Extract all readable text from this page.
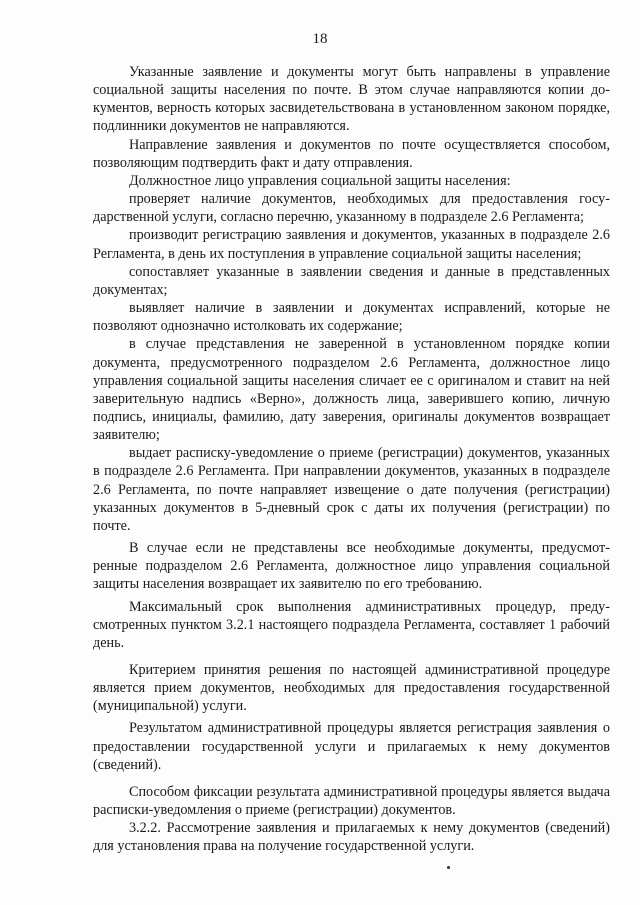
18

Указанные заявление и документы могут быть направлены в управление социальной защиты населения по почте. В этом случае направляются копии документов, верность которых засвидетельствована в установленном законом порядке, подлинники документов не направляются.

Направление заявления и документов по почте осуществляется способом, позволяющим подтвердить факт и дату отправления.

Должностное лицо управления социальной защиты населения:

проверяет наличие документов, необходимых для предоставления государственной услуги, согласно перечню, указанному в подразделе 2.6 Регламента;

производит регистрацию заявления и документов, указанных в подразделе 2.6 Регламента, в день их поступления в управление социальной защиты населения;

сопоставляет указанные в заявлении сведения и данные в представленных документах;

выявляет наличие в заявлении и документах исправлений, которые не позволяют однозначно истолковать их содержание;

в случае представления не заверенной в установленном порядке копии документа, предусмотренного подразделом 2.6 Регламента, должностное лицо управления социальной защиты населения сличает ее с оригиналом и ставит на ней заверительную надпись «Верно», должность лица, заверившего копию, личную подпись, инициалы, фамилию, дату заверения, оригиналы документов возвращает заявителю;

выдает расписку-уведомление о приеме (регистрации) документов, указанных в подразделе 2.6 Регламента. При направлении документов, указанных в подразделе 2.6 Регламента, по почте направляет извещение о дате получения (регистрации) указанных документов в 5-дневный срок с даты их получения (регистрации) по почте.

В случае если не представлены все необходимые документы, предусмотренные подразделом 2.6 Регламента, должностное лицо управления социальной защиты населения возвращает их заявителю по его требованию.

Максимальный срок выполнения административных процедур, предусмотренных пунктом 3.2.1 настоящего подраздела Регламента, составляет 1 рабочий день.

Критерием принятия решения по настоящей административной процедуре является прием документов, необходимых для предоставления государственной (муниципальной) услуги.

Результатом административной процедуры является регистрация заявления о предоставлении государственной услуги и прилагаемых к нему документов (сведений).

Способом фиксации результата административной процедуры является выдача расписки-уведомления о приеме (регистрации) документов.

3.2.2. Рассмотрение заявления и прилагаемых к нему документов (сведений) для установления права на получение государственной услуги.
